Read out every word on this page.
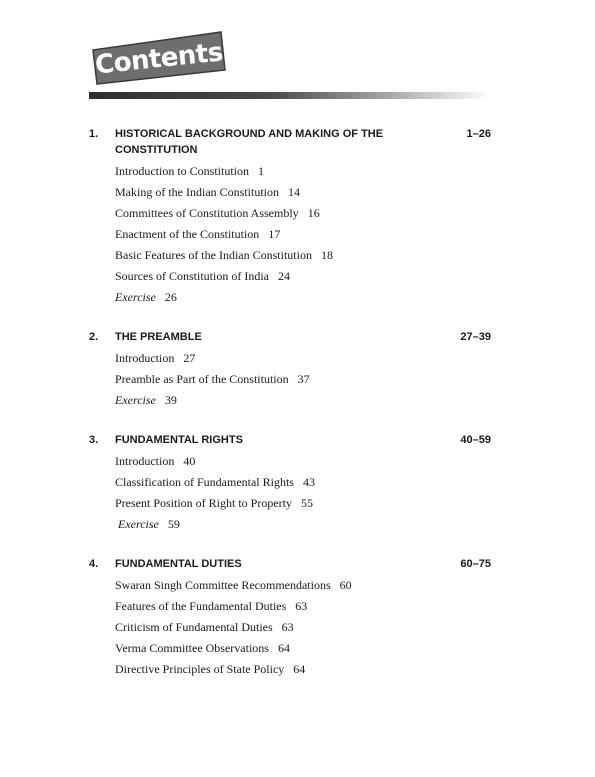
Contents
1. HISTORICAL BACKGROUND AND MAKING OF THE CONSTITUTION
1–26
Introduction to Constitution 1
Making of the Indian Constitution 14
Committees of Constitution Assembly 16
Enactment of the Constitution 17
Basic Features of the Indian Constitution 18
Sources of Constitution of India 24
Exercise 26
2. THE PREAMBLE	27–39
Introduction 27
Preamble as Part of the Constitution 37
Exercise 39
3. FUNDAMENTAL RIGHTS	40–59
Introduction 40
Classification of Fundamental Rights 43
Present Position of Right to Property 55
Exercise 59
4. FUNDAMENTAL DUTIES	60–75
Swaran Singh Committee Recommendations 60
Features of the Fundamental Duties 63
Criticism of Fundamental Duties 63
Verma Committee Observations 64
Directive Principles of State Policy 64
